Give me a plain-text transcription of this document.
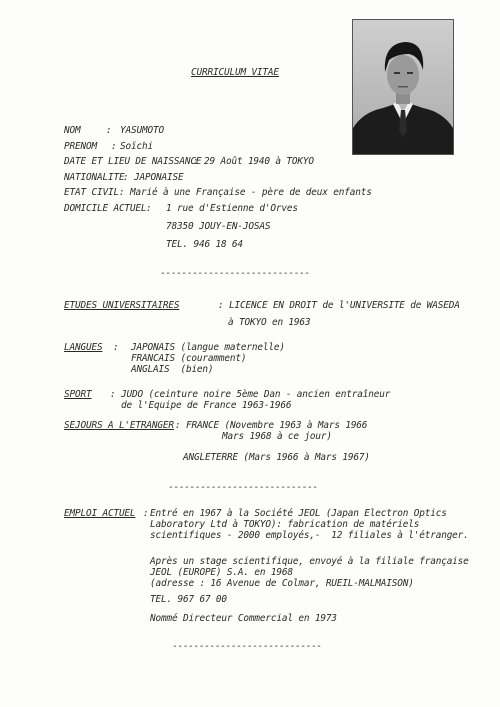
CURRICULUM VITAE
NOM	: YASUMOTO
PRENOM : Soïchi
DATE ET LIEU DE NAISSANCE
: 29 Août 1940 à TOKYO
NATIONALITE
: JAPONAISE
ETAT CIVIL : Marié à une Française - père de deux enfants
DOMICILE ACTUEL : 1 rue d'Estienne d'Orves
78350 JOUY-EN-JOSAS
TEL. 946 18 64
----------------------------
ETUDES UNIVERSITAIRES	: LICENCE EN DROIT de l'UNIVERSITE de WASEDA
à TOKYO en 1963
LANGUES : JAPONAIS (langue maternelle)
FRANCAIS (couramment)
ANGLAIS  (bien)
SPORT : JUDO (ceinture noire 5ème Dan - ancien entraîneur
de l'Equipe de France 1963-1966
SEJOURS A L'ETRANGER : FRANCE (Novembre 1963 à Mars 1966
Mars 1968 à ce jour)
ANGLETERRE (Mars 1966 à Mars 1967)
----------------------------
EMPLOI ACTUEL : Entré en 1967 à la Société JEOL (Japan Electron Optics
Laboratory Ltd à TOKYO): fabrication de matériels
scientifiques - 2000 employés,-  12 filiales à l'étranger.
Après un stage scientifique, envoyé à la filiale française
JEOL (EUROPE) S.A. en 1968
(adresse : 16 Avenue de Colmar, RUEIL-MALMAISON)
TEL. 967 67 00
Nommé Directeur Commercial en 1973
----------------------------
